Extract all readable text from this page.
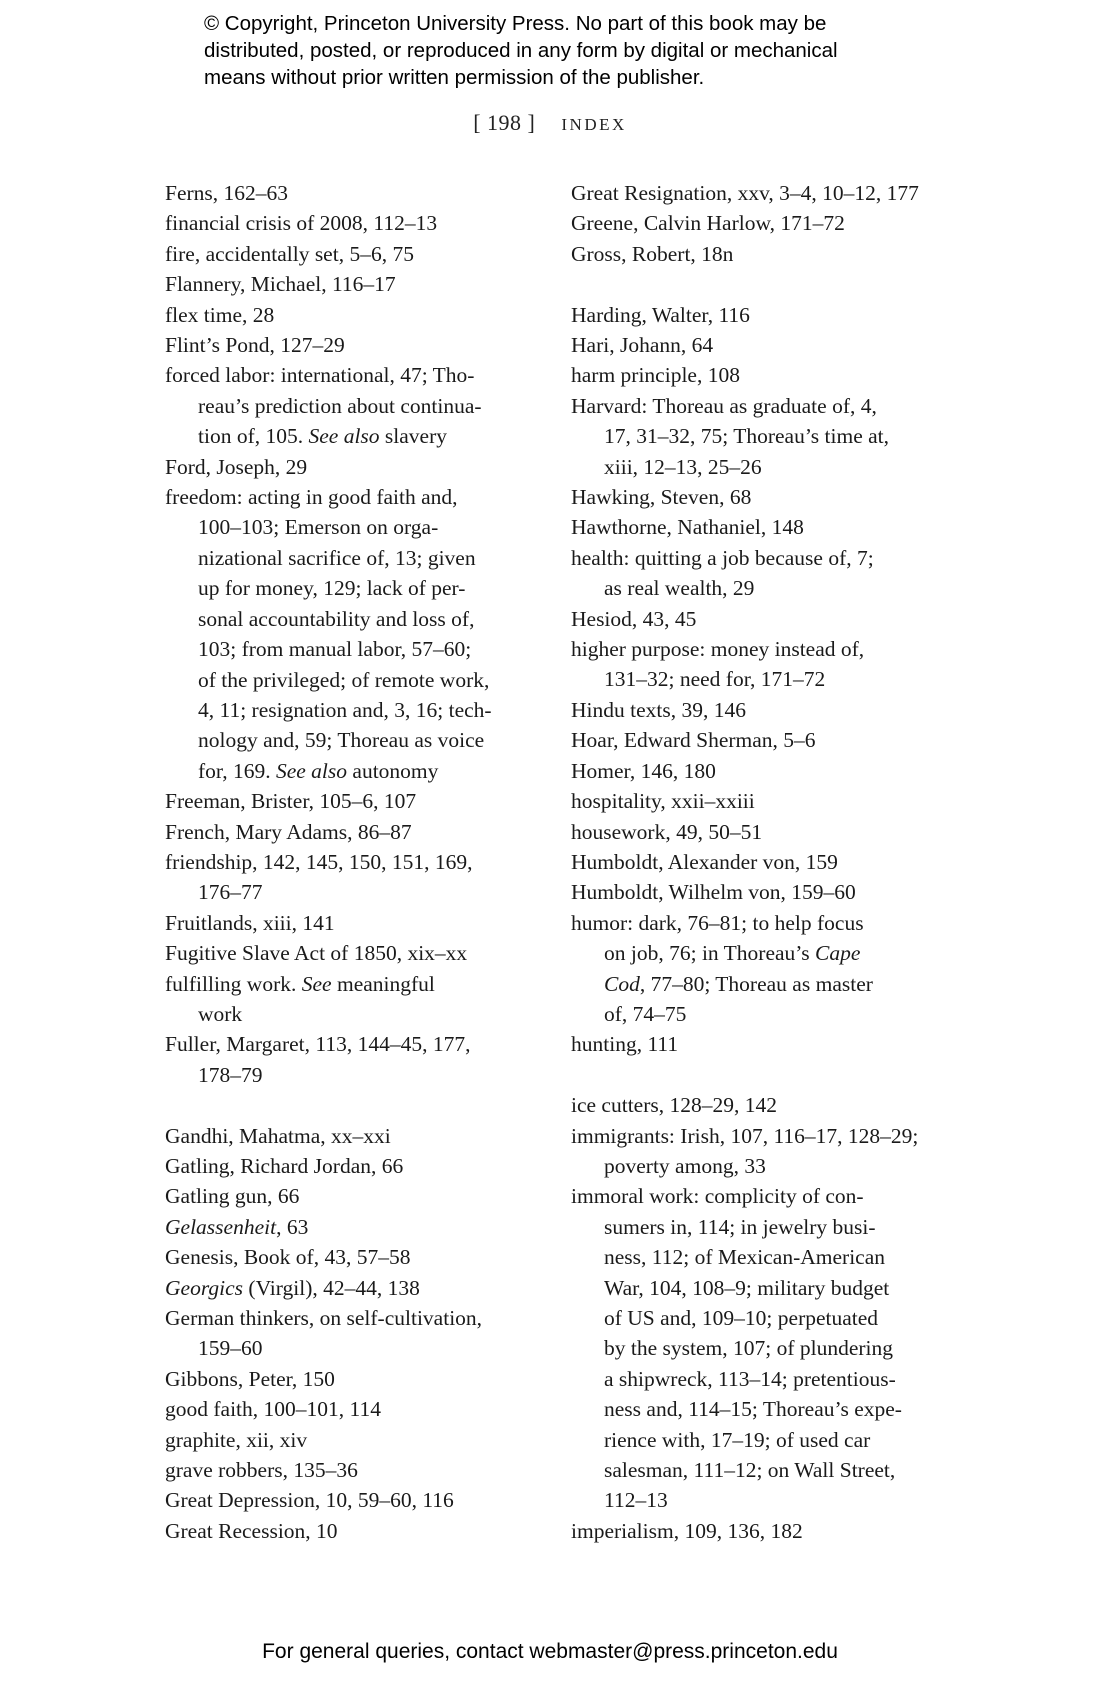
© Copyright, Princeton University Press. No part of this book may be
distributed, posted, or reproduced in any form by digital or mechanical
means without prior written permission of the publisher.
[ 198 ] INDEX
Ferns, 162–63
financial crisis of 2008, 112–13
fire, accidentally set, 5–6, 75
Flannery, Michael, 116–17
flex time, 28
Flint’s Pond, 127–29
forced labor: international, 47; Tho-
reau’s prediction about continua-
tion of, 105. See also slavery
Ford, Joseph, 29
freedom: acting in good faith and,
100–103; Emerson on orga-
nizational sacrifice of, 13; given
up for money, 129; lack of per-
sonal accountability and loss of,
103; from manual labor, 57–60;
of the privileged; of remote work,
4, 11; resignation and, 3, 16; tech-
nology and, 59; Thoreau as voice
for, 169. See also autonomy
Freeman, Brister, 105–6, 107
French, Mary Adams, 86–87
friendship, 142, 145, 150, 151, 169,
176–77
Fruitlands, xiii, 141
Fugitive Slave Act of 1850, xix–xx
fulfilling work. See meaningful
work
Fuller, Margaret, 113, 144–45, 177,
178–79
Gandhi, Mahatma, xx–xxi
Gatling, Richard Jordan, 66
Gatling gun, 66
Gelassenheit, 63
Genesis, Book of, 43, 57–58
Georgics (Virgil), 42–44, 138
German thinkers, on self-cultivation,
159–60
Gibbons, Peter, 150
good faith, 100–101, 114
graphite, xii, xiv
grave robbers, 135–36
Great Depression, 10, 59–60, 116
Great Recession, 10
Great Resignation, xxv, 3–4, 10–12, 177
Greene, Calvin Harlow, 171–72
Gross, Robert, 18n
Harding, Walter, 116
Hari, Johann, 64
harm principle, 108
Harvard: Thoreau as graduate of, 4,
17, 31–32, 75; Thoreau’s time at,
xiii, 12–13, 25–26
Hawking, Steven, 68
Hawthorne, Nathaniel, 148
health: quitting a job because of, 7;
as real wealth, 29
Hesiod, 43, 45
higher purpose: money instead of,
131–32; need for, 171–72
Hindu texts, 39, 146
Hoar, Edward Sherman, 5–6
Homer, 146, 180
hospitality, xxii–xxiii
housework, 49, 50–51
Humboldt, Alexander von, 159
Humboldt, Wilhelm von, 159–60
humor: dark, 76–81; to help focus
on job, 76; in Thoreau’s Cape
Cod, 77–80; Thoreau as master
of, 74–75
hunting, 111
ice cutters, 128–29, 142
immigrants: Irish, 107, 116–17, 128–29;
poverty among, 33
immoral work: complicity of con-
sumers in, 114; in jewelry busi-
ness, 112; of Mexican-American
War, 104, 108–9; military budget
of US and, 109–10; perpetuated
by the system, 107; of plundering
a shipwreck, 113–14; pretentious-
ness and, 114–15; Thoreau’s expe-
rience with, 17–19; of used car
salesman, 111–12; on Wall Street,
112–13
imperialism, 109, 136, 182
For general queries, contact webmaster@press.princeton.edu
